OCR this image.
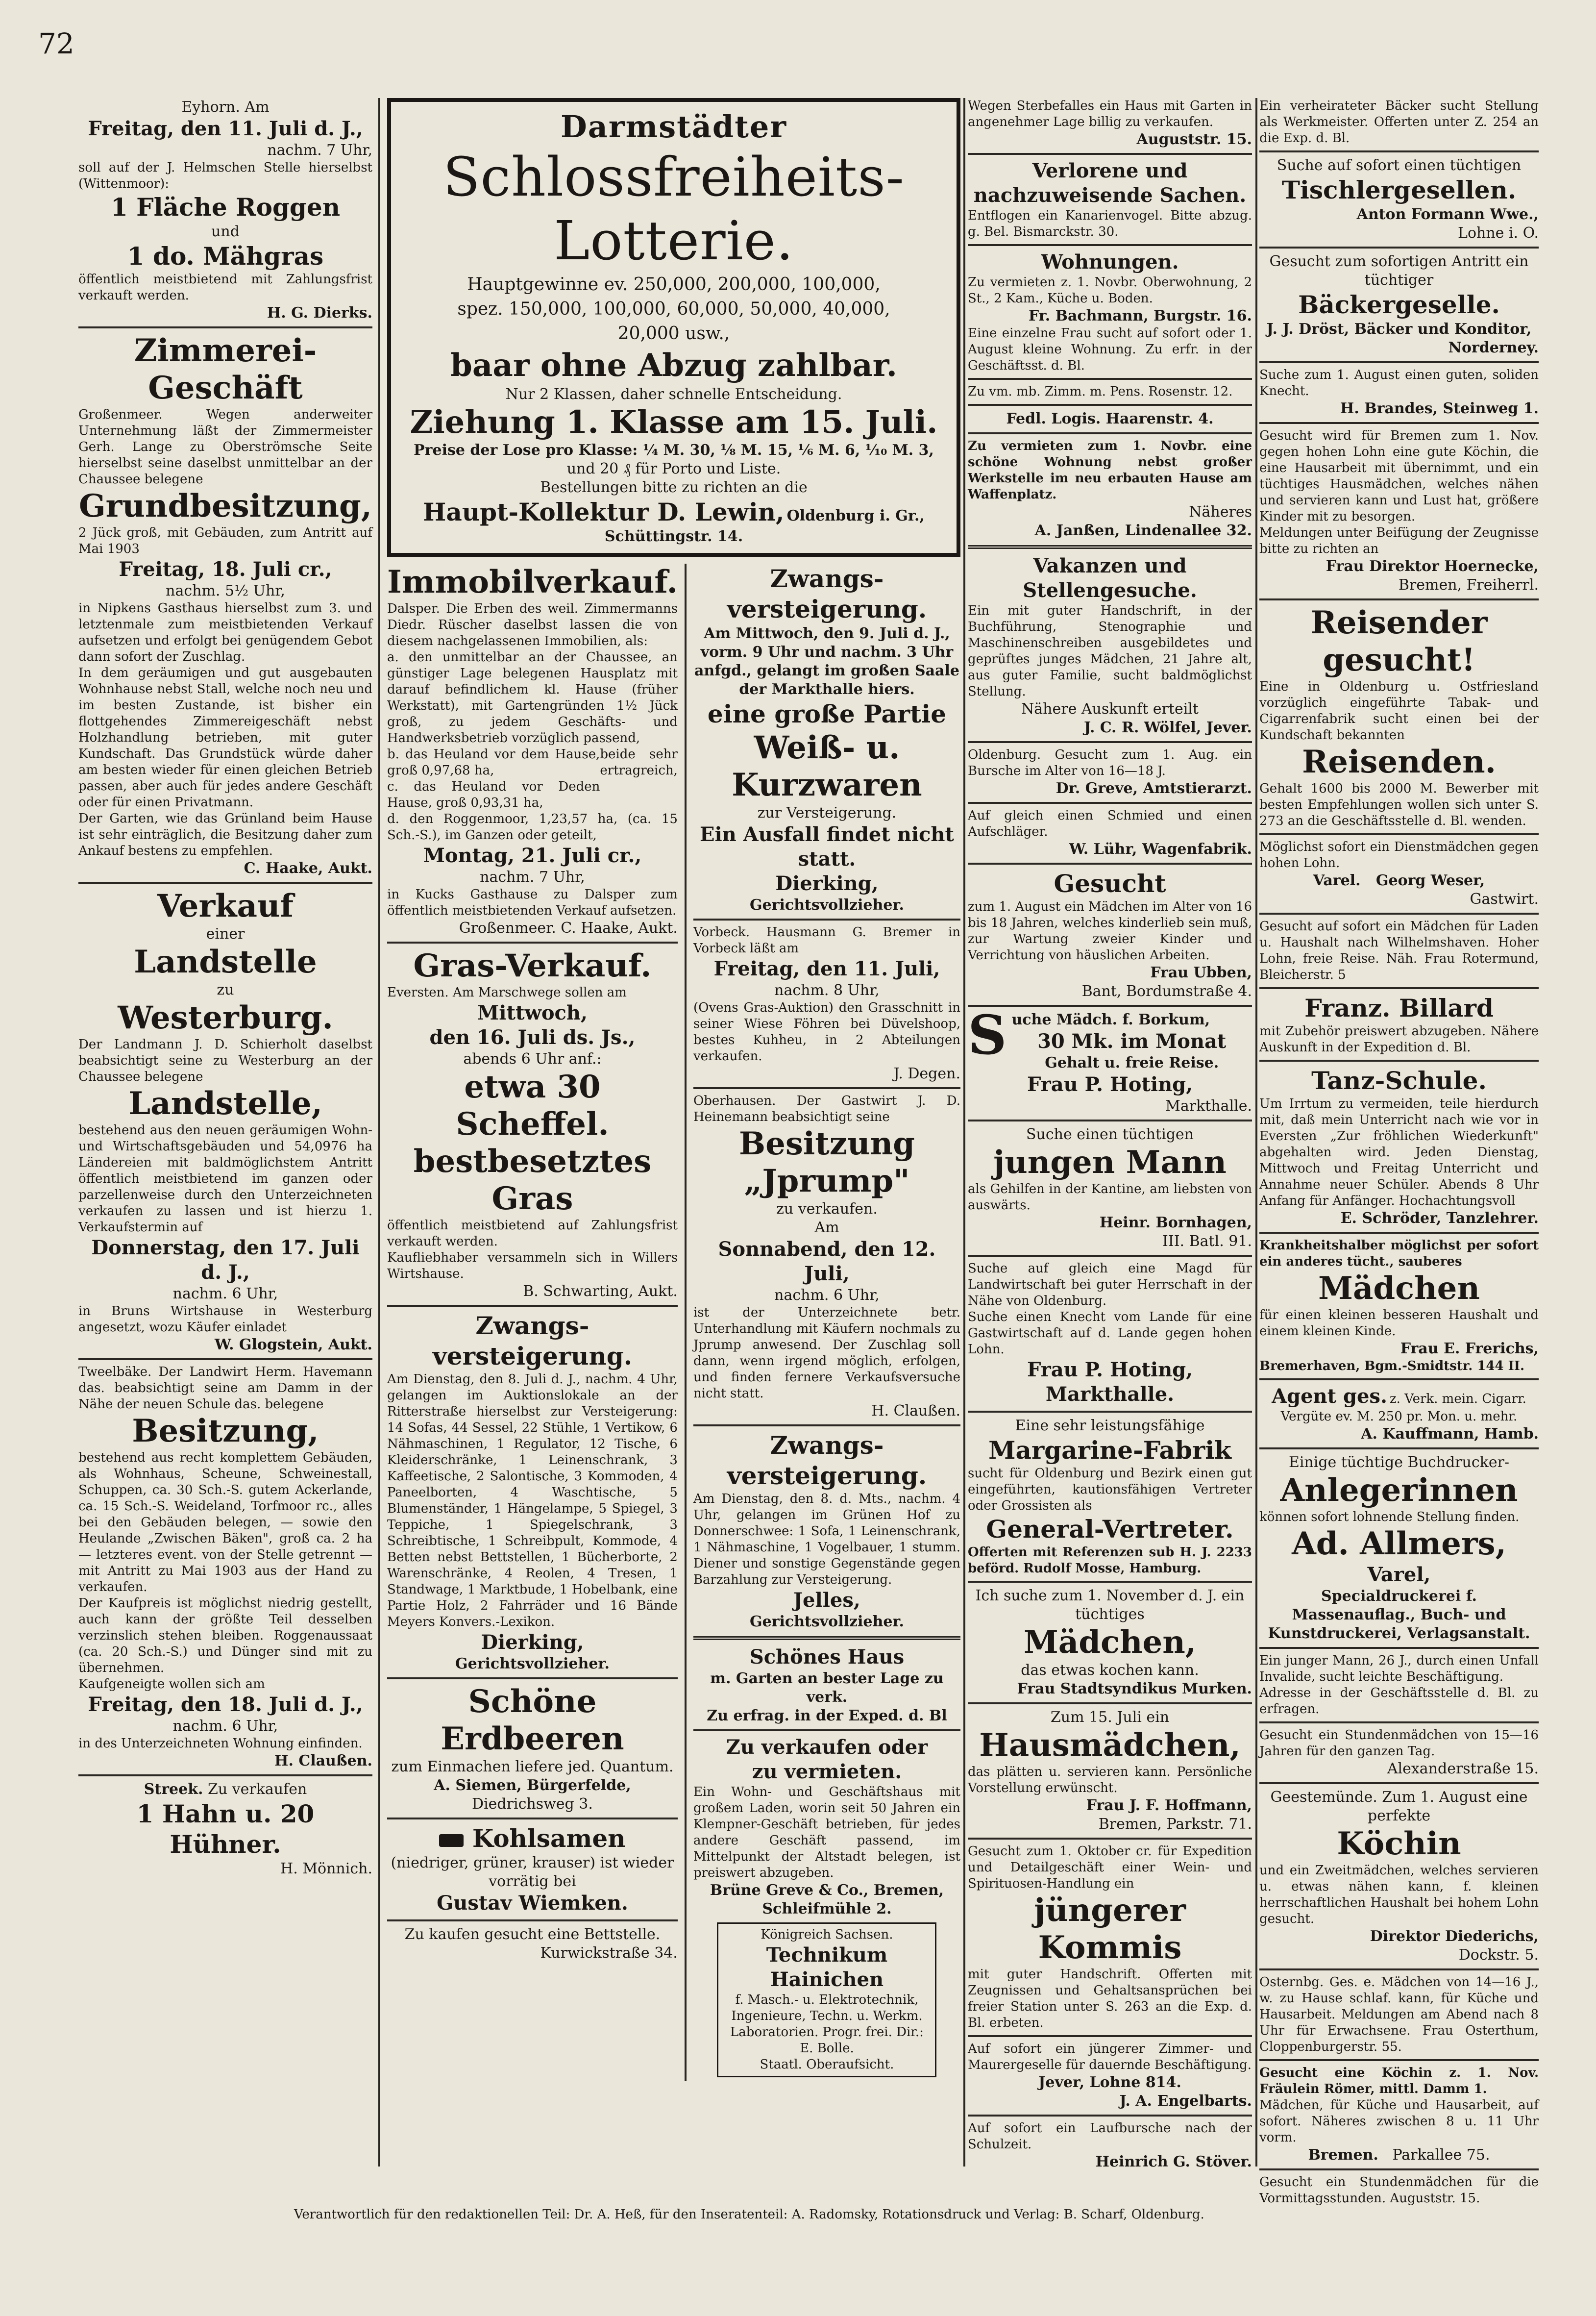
72

Eyhorn. Am

Freitag, den 11. Juli d. J.,

nachm. 7 Uhr,

soll auf der J. Helmschen Stelle hierselbst (Wittenmoor):

1 Fläche Roggen

und

1 do. Mähgras

öffentlich meistbietend mit Zahlungsfrist verkauft werden.

H. G. Dierks.

Zimmerei-Geschäft

Großenmeer. Wegen anderweiter Unternehmung läßt der Zimmermeister Gerh. Lange zu Oberströmsche Seite hierselbst seine daselbst unmittelbar an der Chaussee belegene

Grundbesitzung,

2 Jück groß, mit Gebäuden, zum Antritt auf Mai 1903

Freitag, 18. Juli cr.,

nachm. 5½ Uhr,

in Nipkens Gasthaus hierselbst zum 3. und letztenmale zum meistbietenden Verkauf aufsetzen und erfolgt bei genügendem Gebot dann sofort der Zuschlag.

In dem geräumigen und gut ausgebauten Wohnhause nebst Stall, welche noch neu und im besten Zustande, ist bisher ein flottgehendes Zimmereigeschäft nebst Holzhandlung betrieben, mit guter Kundschaft. Das Grundstück würde daher am besten wieder für einen gleichen Betrieb passen, aber auch für jedes andere Geschäft oder für einen Privatmann.

Der Garten, wie das Grünland beim Hause ist sehr einträglich, die Besitzung daher zum Ankauf bestens zu empfehlen.

C. Haake, Aukt.

Verkauf

einer

Landstelle

zu

Westerburg.

Der Landmann J. D. Schierholt daselbst beabsichtigt seine zu Westerburg an der Chaussee belegene

Landstelle,

bestehend aus den neuen geräumigen Wohn- und Wirtschaftsgebäuden und 54,0976 ha Ländereien mit baldmöglichstem Antritt öffentlich meistbietend im ganzen oder parzellenweise durch den Unterzeichneten verkaufen zu lassen und ist hierzu 1. Verkaufstermin auf

Donnerstag, den 17. Juli d. J.,

nachm. 6 Uhr,

in Bruns Wirtshause in Westerburg angesetzt, wozu Käufer einladet

W. Glogstein, Aukt.

Tweelbäke. Der Landwirt Herm. Havemann das. beabsichtigt seine am Damm in der Nähe der neuen Schule das. belegene

Besitzung,

bestehend aus recht komplettem Gebäuden, als Wohnhaus, Scheune, Schweinestall, Schuppen, ca. 30 Sch.-S. gutem Ackerlande, ca. 15 Sch.-S. Weideland, Torfmoor rc., alles bei den Gebäuden belegen, — sowie den Heulande „Zwischen Bäken", groß ca. 2 ha — letzteres event. von der Stelle getrennt — mit Antritt zu Mai 1903 aus der Hand zu verkaufen.

Der Kaufpreis ist möglichst niedrig gestellt, auch kann der größte Teil desselben verzinslich stehen bleiben. Roggenaussaat (ca. 20 Sch.-S.) und Dünger sind mit zu übernehmen.

Kaufgeneigte wollen sich am

Freitag, den 18. Juli d. J.,

nachm. 6 Uhr,

in des Unterzeichneten Wohnung einfinden.

H. Claußen.

Streek. Zu verkaufen

1 Hahn u. 20 Hühner.

H. Mönnich.

Darmstädter

Schlossfreiheits-Lotterie.

Hauptgewinne ev. 250,000, 200,000, 100,000,

spez. 150,000, 100,000, 60,000, 50,000, 40,000,

20,000 usw.,

baar ohne Abzug zahlbar.

Nur 2 Klassen, daher schnelle Entscheidung.

Ziehung 1. Klasse am 15. Juli.

Preise der Lose pro Klasse: ¼ M. 30, ⅛ M. 15, ⅙ M. 6, ⅒ M. 3,

und 20 ₰ für Porto und Liste.

Bestellungen bitte zu richten an die

Haupt-Kollektur D. Lewin, Oldenburg i. Gr., Schüttingstr. 14.

Immobilverkauf.

Dalsper. Die Erben des weil. Zimmermanns Diedr. Rüscher daselbst lassen die von diesem nachgelassenen Immobilien, als:

a. den unmittelbar an der Chaussee, an günstiger Lage belegenen Hausplatz mit darauf befindlichem kl. Hause (früher Werkstatt), mit Gartengründen 1½ Jück groß, zu jedem Geschäfts- und Handwerksbetrieb vorzüglich passend,

b. das Heuland vor dem Hause, groß 0,97,68 ha,

c. das Heuland vor Deden Hause, groß 0,93,31 ha,

beide sehr ertragreich,

d. den Roggenmoor, 1,23,57 ha, (ca. 15 Sch.-S.), im Ganzen oder geteilt,

Montag, 21. Juli cr.,

nachm. 7 Uhr,

in Kucks Gasthause zu Dalsper zum öffentlich meistbietenden Verkauf aufsetzen.

Großenmeer. C. Haake, Aukt.

Gras-Verkauf.

Eversten. Am Marschwege sollen am

Mittwoch,

den 16. Juli ds. Js.,

abends 6 Uhr anf.:

etwa 30 Scheffel.

bestbesetztes Gras

öffentlich meistbietend auf Zahlungsfrist verkauft werden.

Kaufliebhaber versammeln sich in Willers Wirtshause.

B. Schwarting, Aukt.

Zwangs-

versteigerung.

Am Dienstag, den 8. Juli d. J., nachm. 4 Uhr, gelangen im Auktionslokale an der Ritterstraße hierselbst zur Versteigerung: 14 Sofas, 44 Sessel, 22 Stühle, 1 Vertikow, 6 Nähmaschinen, 1 Regulator, 12 Tische, 6 Kleiderschränke, 1 Leinenschrank, 3 Kaffeetische, 2 Salontische, 3 Kommoden, 4 Paneelborten, 4 Waschtische, 5 Blumenständer, 1 Hängelampe, 5 Spiegel, 3 Teppiche, 1 Spiegelschrank, 3 Schreibtische, 1 Schreibpult, Kommode, 4 Betten nebst Bettstellen, 1 Bücherborte, 2 Warenschränke, 4 Reolen, 4 Tresen, 1 Standwage, 1 Marktbude, 1 Hobelbank, eine Partie Holz, 2 Fahrräder und 16 Bände Meyers Konvers.-Lexikon.

Dierking,

Gerichtsvollzieher.

Schöne Erdbeeren

zum Einmachen liefere jed. Quantum.

A. Siemen, Bürgerfelde,

Diedrichsweg 3.

Kohlsamen

(niedriger, grüner, krauser) ist wieder vorrätig bei

Gustav Wiemken.

Zu kaufen gesucht eine Bettstelle.

Kurwickstraße 34.

Zwangs-

versteigerung.

Am Mittwoch, den 9. Juli d. J., vorm. 9 Uhr und nachm. 3 Uhr anfgd., gelangt im großen Saale der Markthalle hiers.

eine große Partie

Weiß- u. Kurzwaren

zur Versteigerung.

Ein Ausfall findet nicht statt.

Dierking,

Gerichtsvollzieher.

Vorbeck. Hausmann G. Bremer in Vorbeck läßt am

Freitag, den 11. Juli,

nachm. 8 Uhr,

(Ovens Gras-Auktion) den Grasschnitt in seiner Wiese Föhren bei Düvelshoop, bestes Kuhheu, in 2 Abteilungen verkaufen.

J. Degen.

Oberhausen. Der Gastwirt J. D. Heinemann beabsichtigt seine

Besitzung

„Jprump"

zu verkaufen.

Am

Sonnabend, den 12. Juli,

nachm. 6 Uhr,

ist der Unterzeichnete betr. Unterhandlung mit Käufern nochmals zu Jprump anwesend. Der Zuschlag soll dann, wenn irgend möglich, erfolgen, und finden fernere Verkaufsversuche nicht statt.

H. Claußen.

Zwangs-

versteigerung.

Am Dienstag, den 8. d. Mts., nachm. 4 Uhr, gelangen im Grünen Hof zu Donnerschwee: 1 Sofa, 1 Leinenschrank, 1 Nähmaschine, 1 Vogelbauer, 1 stumm. Diener und sonstige Gegenstände gegen Barzahlung zur Versteigerung.

Jelles,

Gerichtsvollzieher.

Schönes Haus

m. Garten an bester Lage zu verk.

Zu erfrag. in der Exped. d. Bl

Zu verkaufen oder

zu vermieten.

Ein Wohn- und Geschäftshaus mit großem Laden, worin seit 50 Jahren ein Klempner-Geschäft betrieben, für jedes andere Geschäft passend, im Mittelpunkt der Altstadt belegen, ist preiswert abzugeben.

Brüne Greve & Co., Bremen, Schleifmühle 2.

Königreich Sachsen.

Technikum Hainichen

f. Masch.- u. Elektrotechnik, Ingenieure, Techn. u. Werkm. Laboratorien. Progr. frei. Dir.: E. Bolle.

Staatl. Oberaufsicht.

Wegen Sterbefalles ein Haus mit Garten in angenehmer Lage billig zu verkaufen.

Auguststr. 15.

Verlorene und nachzuweisende Sachen.

Entflogen ein Kanarienvogel. Bitte abzug. g. Bel. Bismarckstr. 30.

Wohnungen.

Zu vermieten z. 1. Novbr. Oberwohnung, 2 St., 2 Kam., Küche u. Boden.

Fr. Bachmann, Burgstr. 16.

Eine einzelne Frau sucht auf sofort oder 1. August kleine Wohnung. Zu erfr. in der Geschäftsst. d. Bl.

Zu vm. mb. Zimm. m. Pens. Rosenstr. 12.

Fedl. Logis. Haarenstr. 4.

Zu vermieten zum 1. Novbr. eine schöne Wohnung nebst großer Werkstelle im neu erbauten Hause am Waffenplatz.

Näheres

A. Janßen, Lindenallee 32.

Vakanzen und Stellengesuche.

Ein mit guter Handschrift, in der Buchführung, Stenographie und Maschinenschreiben ausgebildetes und geprüftes junges Mädchen, 21 Jahre alt, aus guter Familie, sucht baldmöglichst Stellung.

Nähere Auskunft erteilt

J. C. R. Wölfel, Jever.

Oldenburg. Gesucht zum 1. Aug. ein Bursche im Alter von 16—18 J.

Dr. Greve, Amtstierarzt.

Auf gleich einen Schmied und einen Aufschläger.

W. Lühr, Wagenfabrik.

Gesucht

zum 1. August ein Mädchen im Alter von 16 bis 18 Jahren, welches kinderlieb sein muß, zur Wartung zweier Kinder und Verrichtung von häuslichen Arbeiten.

Frau Ubben,

Bant, Bordumstraße 4.

S uche Mädch. f. Borkum,

30 Mk. im Monat

Gehalt u. freie Reise.

Frau P. Hoting,

Markthalle.

Suche einen tüchtigen

jungen Mann

als Gehilfen in der Kantine, am liebsten von auswärts.

Heinr. Bornhagen,

III. Batl. 91.

Suche auf gleich eine Magd für Landwirtschaft bei guter Herrschaft in der Nähe von Oldenburg.

Suche einen Knecht vom Lande für eine Gastwirtschaft auf d. Lande gegen hohen Lohn.

Frau P. Hoting, Markthalle.

Eine sehr leistungsfähige

Margarine-Fabrik

sucht für Oldenburg und Bezirk einen gut eingeführten, kautionsfähigen Vertreter oder Grossisten als

General-Vertreter.

Offerten mit Referenzen sub H. J. 2233 beförd. Rudolf Mosse, Hamburg.

Ich suche zum 1. November d. J. ein tüchtiges

Mädchen,

das etwas kochen kann.

Frau Stadtsyndikus Murken.

Zum 15. Juli ein

Hausmädchen,

das plätten u. servieren kann. Persönliche Vorstellung erwünscht.

Frau J. F. Hoffmann,

Bremen, Parkstr. 71.

Gesucht zum 1. Oktober cr. für Expedition und Detailgeschäft einer Wein- und Spirituosen-Handlung ein

jüngerer Kommis

mit guter Handschrift. Offerten mit Zeugnissen und Gehaltsansprüchen bei freier Station unter S. 263 an die Exp. d. Bl. erbeten.

Auf sofort ein jüngerer Zimmer- und Maurergeselle für dauernde Beschäftigung.

Jever, Lohne 814.

J. A. Engelbarts.

Auf sofort ein Laufbursche nach der Schulzeit.

Heinrich G. Stöver.

Ein verheirateter Bäcker sucht Stellung als Werkmeister. Offerten unter Z. 254 an die Exp. d. Bl.

Suche auf sofort einen tüchtigen

Tischlergesellen.

Anton Formann Wwe.,

Lohne i. O.

Gesucht zum sofortigen Antritt ein tüchtiger

Bäckergeselle.

J. J. Dröst, Bäcker und Konditor,

Norderney.

Suche zum 1. August einen guten, soliden Knecht.

H. Brandes, Steinweg 1.

Gesucht wird für Bremen zum 1. Nov. gegen hohen Lohn eine gute Köchin, die eine Hausarbeit mit übernimmt, und ein tüchtiges Hausmädchen, welches nähen und servieren kann und Lust hat, größere Kinder mit zu besorgen.

Meldungen unter Beifügung der Zeugnisse bitte zu richten an

Frau Direktor Hoernecke,

Bremen, Freiherrl.

Reisender gesucht!

Eine in Oldenburg u. Ostfriesland vorzüglich eingeführte Tabak- und Cigarrenfabrik sucht einen bei der Kundschaft bekannten

Reisenden.

Gehalt 1600 bis 2000 M. Bewerber mit besten Empfehlungen wollen sich unter S. 273 an die Geschäftsstelle d. Bl. wenden.

Möglichst sofort ein Dienstmädchen gegen hohen Lohn.

Varel. Georg Weser,

Gastwirt.

Gesucht auf sofort ein Mädchen für Laden u. Haushalt nach Wilhelmshaven. Hoher Lohn, freie Reise. Näh. Frau Rotermund, Bleicherstr. 5

Franz. Billard

mit Zubehör preiswert abzugeben. Nähere Auskunft in der Expedition d. Bl.

Tanz-Schule.

Um Irrtum zu vermeiden, teile hierdurch mit, daß mein Unterricht nach wie vor in Eversten „Zur fröhlichen Wiederkunft" abgehalten wird. Jeden Dienstag, Mittwoch und Freitag Unterricht und Annahme neuer Schüler. Abends 8 Uhr Anfang für Anfänger. Hochachtungsvoll

E. Schröder, Tanzlehrer.

Krankheitshalber möglichst per sofort ein anderes tücht., sauberes

Mädchen

für einen kleinen besseren Haushalt und einem kleinen Kinde.

Frau E. Frerichs,

Bremerhaven, Bgm.-Smidtstr. 144 II.

Agent ges. z. Verk. mein. Cigarr. Vergüte ev. M. 250 pr. Mon. u. mehr.

A. Kauffmann, Hamb.

Einige tüchtige Buchdrucker-

Anlegerinnen

können sofort lohnende Stellung finden.

Ad. Allmers,

Varel,

Specialdruckerei f. Massenauflag., Buch- und Kunstdruckerei, Verlagsanstalt.

Ein junger Mann, 26 J., durch einen Unfall Invalide, sucht leichte Beschäftigung.

Adresse in der Geschäftsstelle d. Bl. zu erfragen.

Gesucht ein Stundenmädchen von 15—16 Jahren für den ganzen Tag.

Alexanderstraße 15.

Geestemünde. Zum 1. August eine perfekte

Köchin

und ein Zweitmädchen, welches servieren u. etwas nähen kann, f. kleinen herrschaftlichen Haushalt bei hohem Lohn gesucht.

Direktor Diederichs,

Dockstr. 5.

Osternbg. Ges. e. Mädchen von 14—16 J., w. zu Hause schlaf. kann, für Küche und Hausarbeit. Meldungen am Abend nach 8 Uhr für Erwachsene. Frau Osterthum, Cloppenburgerstr. 55.

Gesucht eine Köchin z. 1. Nov. Fräulein Römer, mittl. Damm 1.

Mädchen, für Küche und Hausarbeit, auf sofort. Näheres zwischen 8 u. 11 Uhr vorm.

Bremen. Parkallee 75.

Gesucht ein Stundenmädchen für die Vormittagsstunden. Auguststr. 15.

Verantwortlich für den redaktionellen Teil: Dr. A. Heß, für den Inseratenteil: A. Radomsky, Rotationsdruck und Verlag: B. Scharf, Oldenburg.
